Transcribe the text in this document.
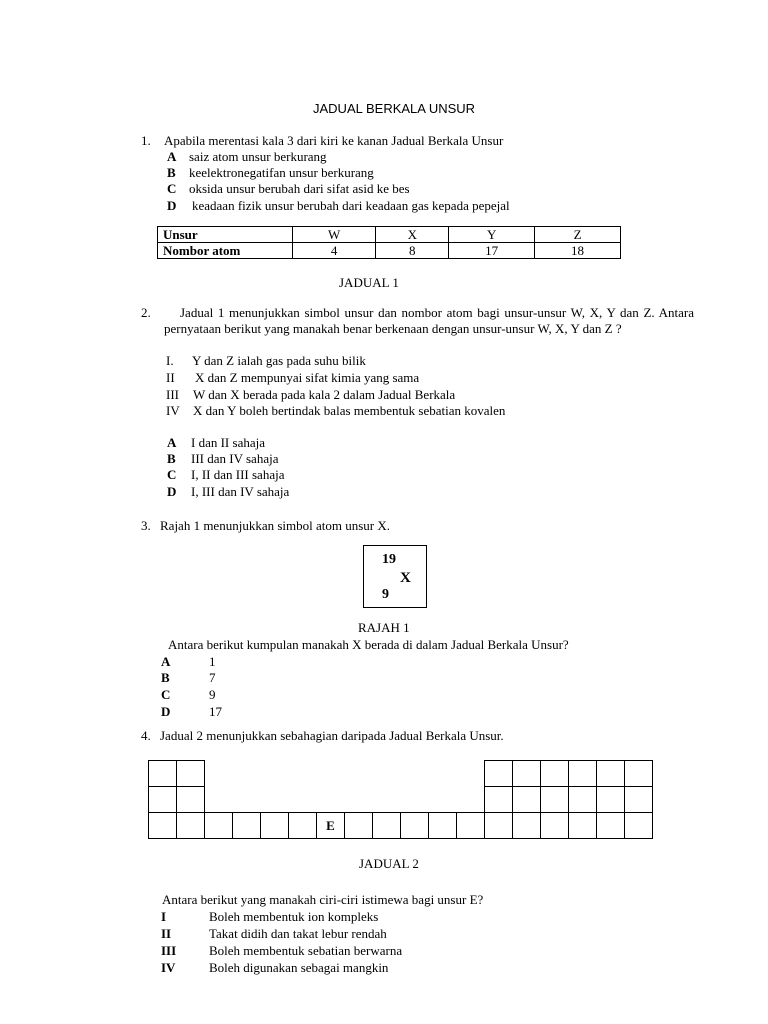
JADUAL BERKALA UNSUR
1. Apabila merentasi kala 3 dari kiri ke kanan Jadual Berkala Unsur
A saiz atom unsur berkurang
B keelektronegatifan unsur berkurang
C oksida unsur berubah dari sifat asid ke bes
D keadaan fizik unsur berubah dari keadaan gas kepada pepejal
Unsur	W	X	Y	Z
Nombor atom	4	8	17	18
JADUAL 1
2.	Jadual 1 menunjukkan simbol unsur dan nombor atom bagi unsur-unsur W, X, Y dan Z. Antara pernyataan berikut yang manakah benar berkenaan dengan unsur-unsur W, X, Y dan Z ?
I. Y dan Z ialah gas pada suhu bilik
II X dan Z mempunyai sifat kimia yang sama
III W dan X berada pada kala 2 dalam Jadual Berkala
IV X dan Y boleh bertindak balas membentuk sebatian kovalen
A I dan II sahaja
B III dan IV sahaja
C I, II dan III sahaja
D I, III dan IV sahaja
3. Rajah 1 menunjukkan simbol atom unsur X.
19
X
9
RAJAH 1
Antara berikut kumpulan manakah X berada di dalam Jadual Berkala Unsur?
A	1
B	7
C	9
D	17
4. Jadual 2 menunjukkan sebahagian daripada Jadual Berkala Unsur.

						E											
JADUAL 2
Antara berikut yang manakah ciri-ciri istimewa bagi unsur E?
I	Boleh membentuk ion kompleks
II	Takat didih dan takat lebur rendah
III	Boleh membentuk sebatian berwarna
IV	Boleh digunakan sebagai mangkin
